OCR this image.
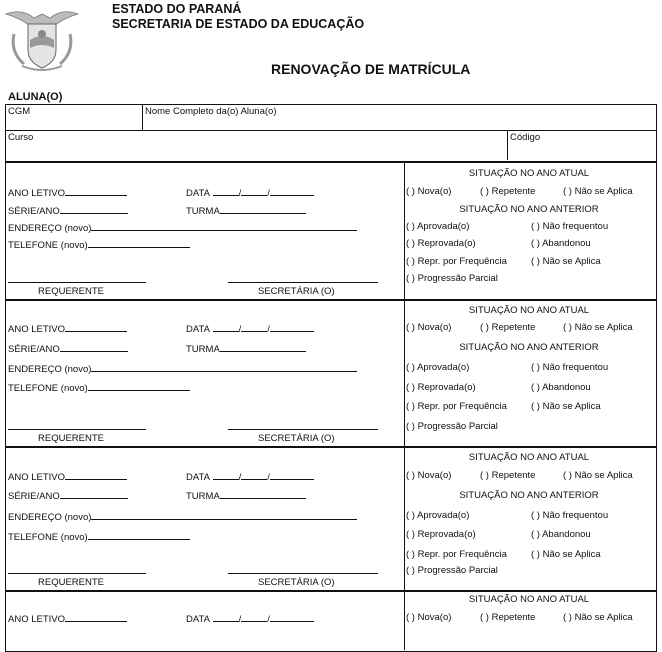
ESTADO DO PARANÁ
SECRETARIA DE ESTADO DA EDUCAÇÃO
RENOVAÇÃO DE MATRÍCULA
ALUNA(O)
CGM	Nome Completo da(o) Aluna(o)
Curso	Código
ANO LETIVO	DATA	/	/
SÉRIE/ANO	TURMA
ENDEREÇO (novo)
TELEFONE (novo)
REQUERENTE	SECRETÁRIA (O)
SITUAÇÃO NO ANO ATUAL
( ) Nova(o)	( ) Repetente	( ) Não se Aplica
SITUAÇÃO NO ANO ANTERIOR
( ) Aprovada(o)	( ) Não frequentou
( ) Reprovada(o)	( ) Abandonou
( ) Repr. por Frequência	( ) Não se Aplica
( ) Progressão Parcial
ANO LETIVO	DATA	/	/
SÉRIE/ANO	TURMA
ENDEREÇO (novo)
TELEFONE (novo)
REQUERENTE	SECRETÁRIA (O)
SITUAÇÃO NO ANO ATUAL
( ) Nova(o)	( ) Repetente	( ) Não se Aplica
SITUAÇÃO NO ANO ANTERIOR
( ) Aprovada(o)	( ) Não frequentou
( ) Reprovada(o)	( ) Abandonou
( ) Repr. por Frequência	( ) Não se Aplica
( ) Progressão Parcial
ANO LETIVO	DATA	/	/
SÉRIE/ANO	TURMA
ENDEREÇO (novo)
TELEFONE (novo)
REQUERENTE	SECRETÁRIA (O)
SITUAÇÃO NO ANO ATUAL
( ) Nova(o)	( ) Repetente	( ) Não se Aplica
SITUAÇÃO NO ANO ANTERIOR
( ) Aprovada(o)	( ) Não frequentou
( ) Reprovada(o)	( ) Abandonou
( ) Repr. por Frequência	( ) Não se Aplica
( ) Progressão Parcial
ANO LETIVO	DATA	/	/
SITUAÇÃO NO ANO ATUAL
( ) Nova(o)	( ) Repetente	( ) Não se Aplica
